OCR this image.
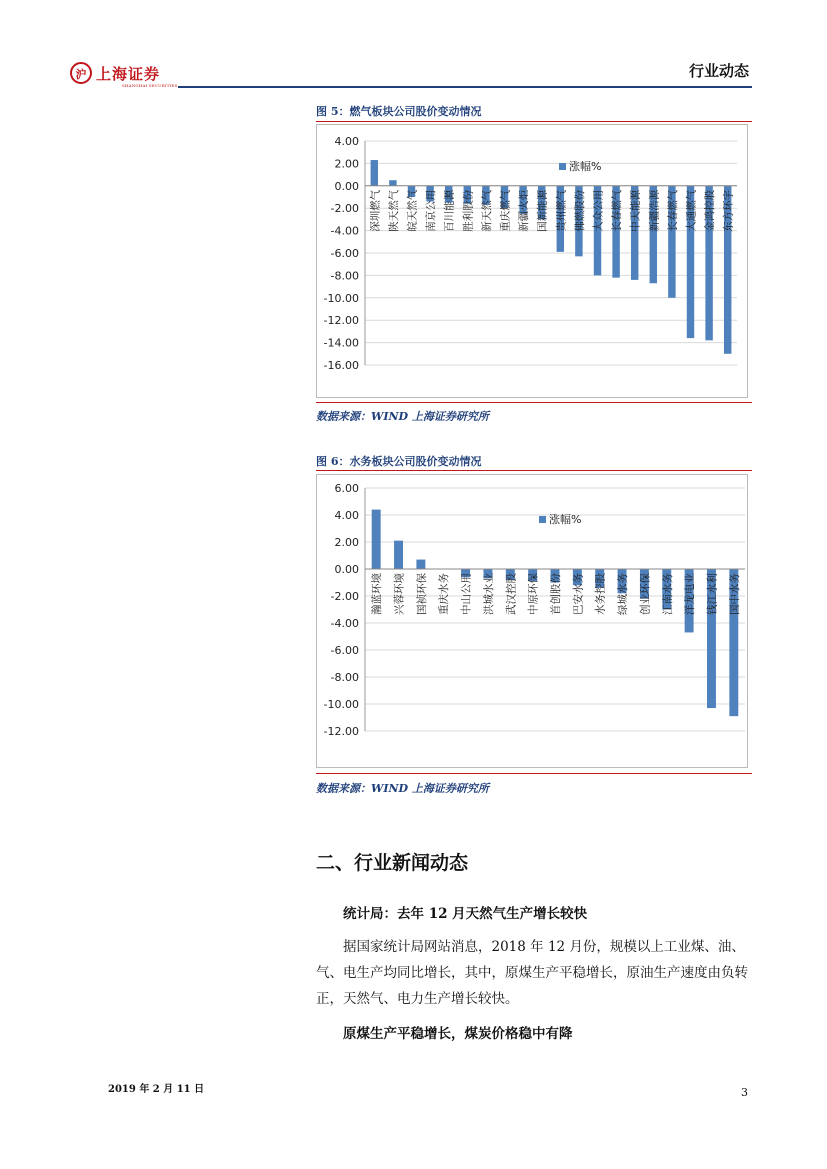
沪 上海证券
SHANGHAI SECURITIES
行业动态
图 5：燃气板块公司股价变动情况
4.00
2.00
0.00
-2.00
-4.00
-6.00
-8.00
-10.00
-12.00
-14.00
-16.00
深圳燃气 陕天然气 皖天然气 南京公用 百川能源 胜利股份 新天然气 重庆燃气 新疆火炬 国新能源 贵州燃气 佛燃股份 大众公用 长春燃气 中天能源 新疆浩源 长春燃气 大通燃气 金鸿控股 东方环宇
涨幅%
数据来源：WIND 上海证券研究所
图 6：水务板块公司股价变动情况
6.00
4.00
2.00
0.00
-2.00
-4.00
-6.00
-8.00
-10.00
-12.00
瀚蓝环境 兴蓉环境 国祯环保 重庆水务 中山公用 洪城水业 武汉控股 中原环保 首创股份 巴安水务 水务控股 绿城水务 创业环保 江南水务 洋龙电业 钱江水利 国中水务
涨幅%
数据来源：WIND 上海证券研究所
二、行业新闻动态
统计局：去年 12 月天然气生产增长较快
据国家统计局网站消息，2018 年 12 月份，规模以上工业煤、油、气、电生产均同比增长，其中，原煤生产平稳增长，原油生产速度由负转正，天然气、电力生产增长较快。
原煤生产平稳增长，煤炭价格稳中有降
2019 年 2 月 11 日	3
